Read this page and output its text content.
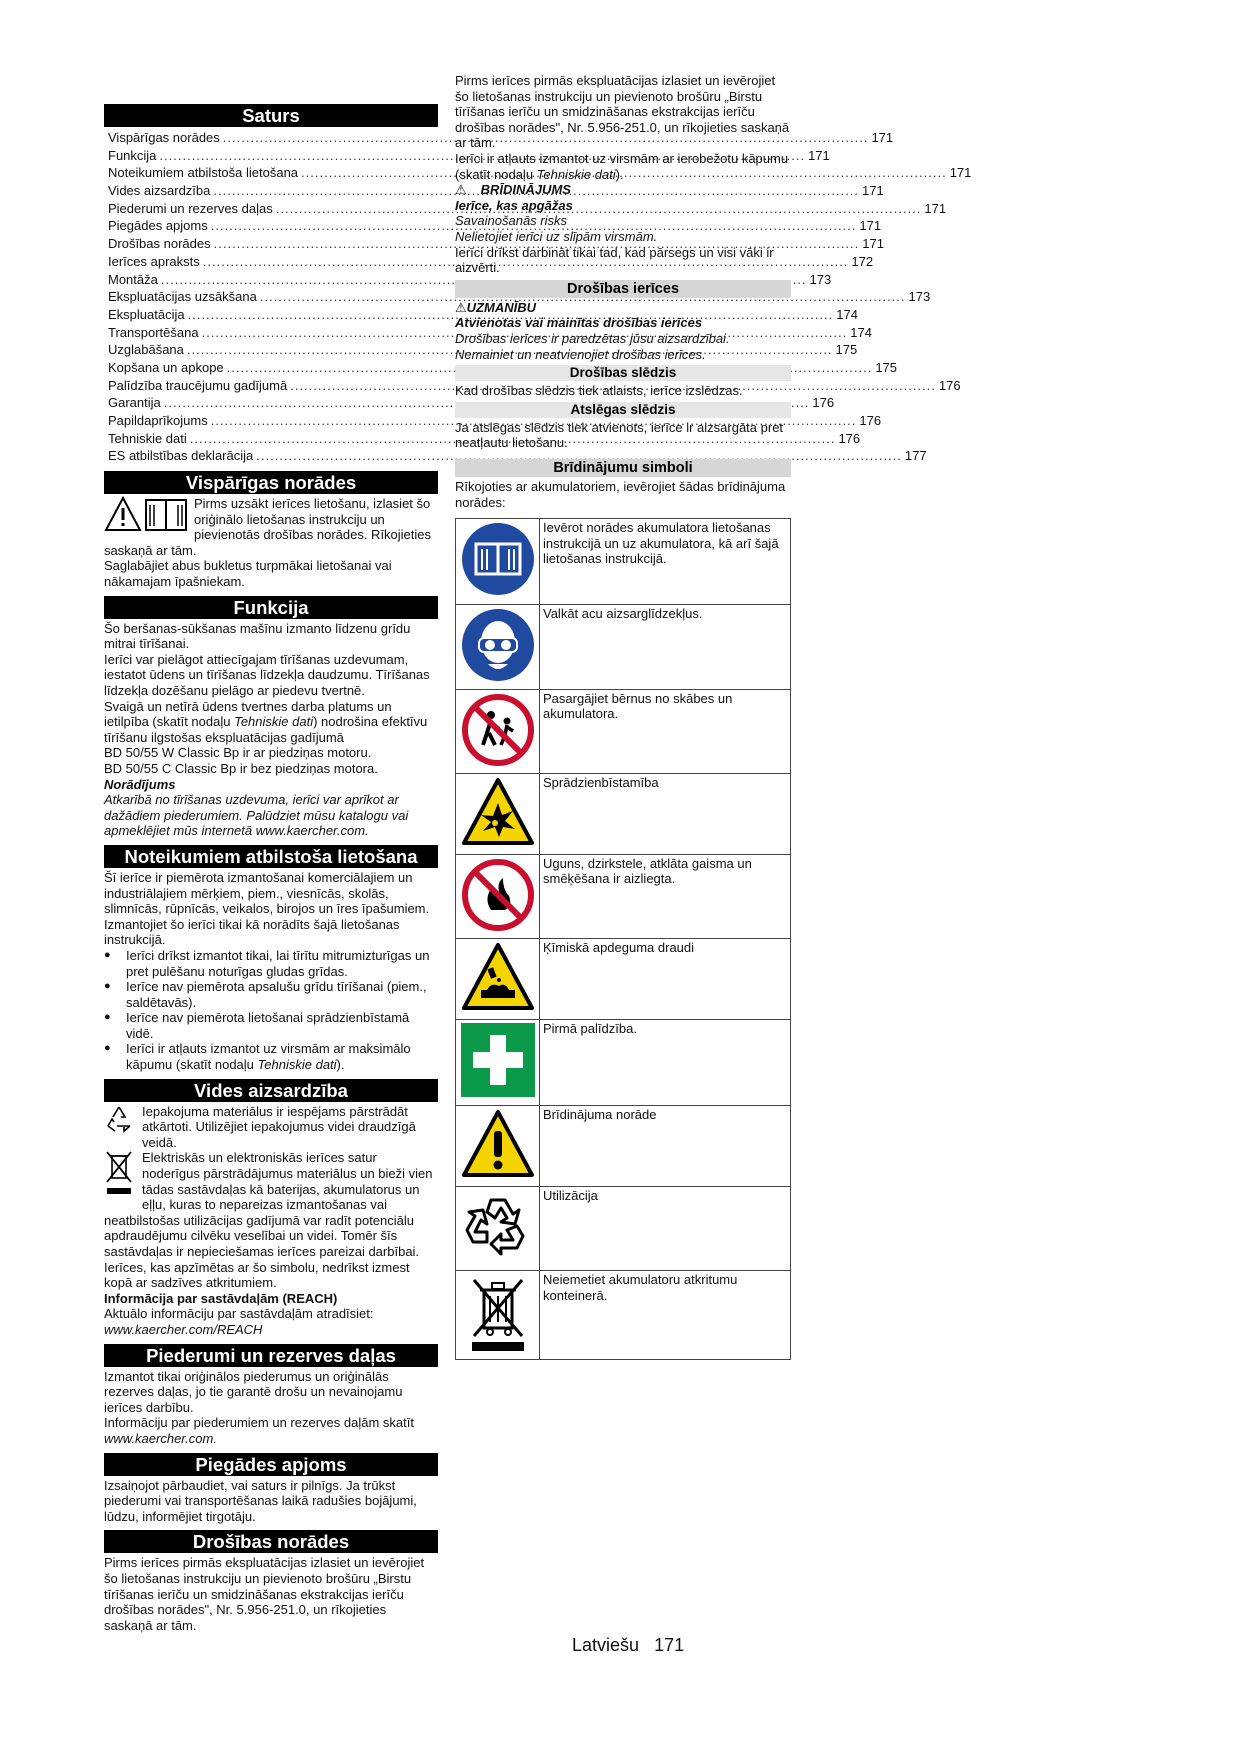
Saturs
Vispārīgas norādes .....	171
Funkcija .....	171
Noteikumiem atbilstoša lietošana .....	171
Vides aizsardzība .....	171
Piederumi un rezerves daļas .....	171
Piegādes apjoms .....	171
Drošības norādes .....	171
Ierīces apraksts .....	172
Montāža .....	173
Ekspluatācijas uzsākšana .....	173
Ekspluatācija .....	174
Transportēšana .....	174
Uzglabāšana .....	175
Kopšana un apkope .....	175
Palīdzība traucējumu gadījumā .....	176
Garantija .....	176
Papildaprīkojums .....	176
Tehniskie dati .....	176
ES atbilstības deklarācija .....	177
Vispārīgas norādes

Pirms uzsākt ierīces lietošanu, izlasiet šo oriģinālo lietošanas instrukciju un pievienotās drošības norādes. Rīkojieties saskaņā ar tām.

Saglabājiet abus bukletus turpmākai lietošanai vai nākamajam īpašniekam.

Funkcija

Šo beršanas-sūkšanas mašīnu izmanto līdzenu grīdu mitrai tīrīšanai.

Ierīci var pielāgot attiecīgajam tīrīšanas uzdevumam, iestatot ūdens un tīrīšanas līdzekļa daudzumu. Tīrīšanas līdzekļa dozēšanu pielāgo ar piedevu tvertnē.

Svaigā un netīrā ūdens tvertnes darba platums un ietilpība (skatīt nodaļu Tehniskie dati) nodrošina efektīvu tīrīšanu ilgstošas ekspluatācijas gadījumā

BD 50/55 W Classic Bp ir ar piedziņas motoru.

BD 50/55 C Classic Bp ir bez piedziņas motora.

Norādījums

Atkarībā no tīrīšanas uzdevuma, ierīci var aprīkot ar dažādiem piederumiem. Palūdziet mūsu katalogu vai apmeklējiet mūs internetā www.kaercher.com.

Noteikumiem atbilstoša lietošana

Šī ierīce ir piemērota izmantošanai komerciālajiem un industriālajiem mērķiem, piem., viesnīcās, skolās, slimnīcās, rūpnīcās, veikalos, birojos un īres īpašumiem. Izmantojiet šo ierīci tikai kā norādīts šajā lietošanas instrukcijā.

● Ierīci drīkst izmantot tikai, lai tīrītu mitrumizturīgas un pret pulēšanu noturīgas gludas grīdas.
● Ierīce nav piemērota apsalušu grīdu tīrīšanai (piem., saldētavās).
● Ierīce nav piemērota lietošanai sprādzienbīstamā vidē.
● Ierīci ir atļauts izmantot uz virsmām ar maksimālo kāpumu (skatīt nodaļu Tehniskie dati).
Vides aizsardzība

Iepakojuma materiālus ir iespējams pārstrādāt atkārtoti. Utilizējiet iepakojumus videi draudzīgā veidā.

Elektriskās un elektroniskās ierīces satur noderīgus pārstrādājumus materiālus un bieži vien tādas sastāvdaļas kā baterijas, akumulatorus un eļļu, kuras to nepareizas izmantošanas vai neatbilstošas utilizācijas gadījumā var radīt potenciālu apdraudējumu cilvēku veselībai un videi. Tomēr šīs sastāvdaļas ir nepieciešamas ierīces pareizai darbībai. Ierīces, kas apzīmētas ar šo simbolu, nedrīkst izmest kopā ar sadzīves atkritumiem.

Informācija par sastāvdaļām (REACH)

Aktuālo informāciju par sastāvdaļām atradīsiet:

www.kaercher.com/REACH

Piederumi un rezerves daļas

Izmantot tikai oriģinālos piederumus un oriģinālās rezerves daļas, jo tie garantē drošu un nevainojamu ierīces darbību.

Informāciju par piederumiem un rezerves daļām skatīt

www.kaercher.com.

Piegādes apjoms

Izsaiņojot pārbaudiet, vai saturs ir pilnīgs. Ja trūkst piederumi vai transportēšanas laikā radušies bojājumi, lūdzu, informējiet tirgotāju.

Drošības norādes

Pirms ierīces pirmās ekspluatācijas izlasiet un ievērojiet šo lietošanas instrukciju un pievienoto brošūru „Birstu tīrīšanas ierīču un smidzināšanas ekstrakcijas ierīču drošības norādes", Nr. 5.956-251.0, un rīkojieties saskaņā ar tām.

Pirms ierīces pirmās ekspluatācijas izlasiet un ievērojiet šo lietošanas instrukciju un pievienoto brošūru „Birstu tīrīšanas ierīču un smidzināšanas ekstrakcijas ierīču drošības norādes", Nr. 5.956-251.0, un rīkojieties saskaņā ar tām.

Ierīci ir atļauts izmantot uz virsmām ar ierobežotu kāpumu (skatīt nodaļu Tehniskie dati).

⚠ BRĪDINĀJUMS

Ierīce, kas apgāžas

Savainošanās risks

Nelietojiet ierīci uz slīpām virsmām.

Ierīci drīkst darbināt tikai tad, kad pārsegs un visi vāki ir aizvērti.

Drošības ierīces

⚠UZMANĪBU

Atvienotas vai mainītas drošības ierīces

Drošības ierīces ir paredzētas jūsu aizsardzībai.

Nemainiet un neatvienojiet drošības ierīces.

Drošības slēdzis

Kad drošības slēdzis tiek atlaists, ierīce izslēdzas.

Atslēgas slēdzis

Ja atslēgas slēdzis tiek atvienots, ierīce ir aizsargāta pret neatļautu lietošanu.

Brīdinājumu simboli

Rīkojoties ar akumulatoriem, ievērojiet šādas brīdinājuma norādes:

	Ievērot norādes akumulatora lietošanas instrukcijā un uz akumulatora, kā arī šajā lietošanas instrukcijā.
	Valkāt acu aizsarglīdzekļus.
	Pasargājiet bērnus no skābes un akumulatora.
	Sprādzienbīstamība
	Uguns, dzirkstele, atklāta gaisma un smēķēšana ir aizliegta.
	Ķīmiskā apdeguma draudi
	Pirmā palīdzība.
	Brīdinājuma norāde
	Utilizācija
	Neiemetiet akumulatoru atkritumu konteinerā.
Latviešu 171
